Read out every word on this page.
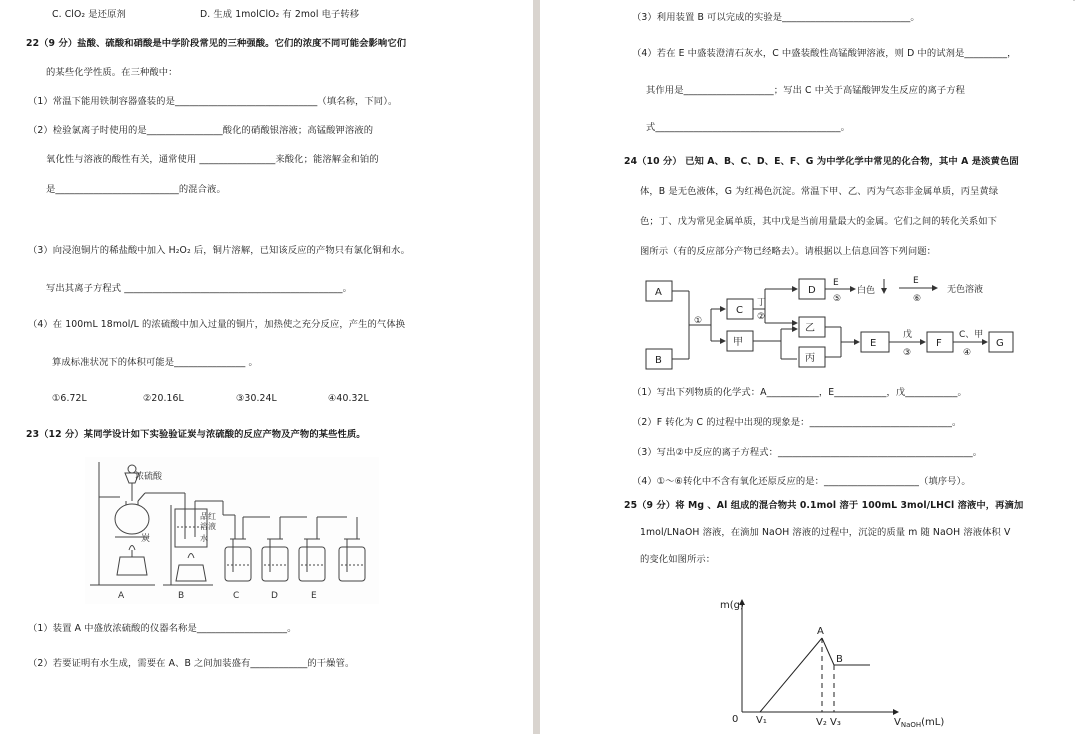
C. ClO₂ 是还原剂	D. 生成 1molClO₂ 有 2mol 电子转移
22（9 分）盐酸、硫酸和硝酸是中学阶段常见的三种强酸。它们的浓度不同可能会影响它们
的某些化学性质。在三种酸中：
（1）常温下能用铁制容器盛装的是______________________________（填名称，下同）。
（2）检验氯离子时使用的是________________酸化的硝酸银溶液；高锰酸钾溶液的
氧化性与溶液的酸性有关，通常使用 ________________来酸化；能溶解金和铂的
是__________________________的混合液。
（3）向浸泡铜片的稀盐酸中加入 H₂O₂ 后，铜片溶解，已知该反应的产物只有氯化铜和水。
写出其离子方程式 ______________________________________________。
（4）在 100mL 18mol/L 的浓硫酸中加入过量的铜片，加热使之充分反应，产生的气体换
算成标准状况下的体积可能是_______________ 。
①6.72L	②20.16L	③30.24L	④40.32L
23（12 分）某同学设计如下实验验证炭与浓硫酸的反应产物及产物的某些性质。
浓硫酸
炭
品红
溶液
水
A	B	C	D	E
（1）装置 A 中盛放浓硫酸的仪器名称是___________________。
（2）若要证明有水生成，需要在 A、B 之间加装盛有____________的干燥管。
（3）利用装置 B 可以完成的实验是___________________________。
（4）若在 E 中盛装澄清石灰水，C 中盛装酸性高锰酸钾溶液，则 D 中的试剂是_________，
其作用是___________________；写出 C 中关于高锰酸钾发生反应的离子方程
式_______________________________________。
24（10 分） 已知 A、B、C、D、E、F、G 为中学化学中常见的化合物，其中 A 是淡黄色固
体，B 是无色液体，G 为红褐色沉淀。常温下甲、乙、丙为气态非金属单质，丙呈黄绿
色；丁、戊为常见金属单质，其中戊是当前用量最大的金属。它们之间的转化关系如下
图所示（有的反应部分产物已经略去）。请根据以上信息回答下列问题：
A
B
C
甲
D
乙
丙
E	F	G
①
丁
②
E
⑤
白色
E
⑥
无色溶液
戊
③
C、甲
④
（1）写出下列物质的化学式：A___________，E___________，戊___________。
（2）F 转化为 C 的过程中出现的现象是：______________________________。
（3）写出②中反应的离子方程式：_________________________________________。
（4）①～⑥转化中不含有氧化还原反应的是：____________________（填序号）。
25（9 分）将 Mg 、Al 组成的混合物共 0.1mol 溶于 100mL 3mol/LHCl 溶液中，再滴加
1mol/LNaOH 溶液，在滴加 NaOH 溶液的过程中，沉淀的质量 m 随 NaOH 溶液体积 V
的变化如图所示：
m(g)
0 V₁	V₂ V₃	$V_{NaOH}(mL)$
A
B
